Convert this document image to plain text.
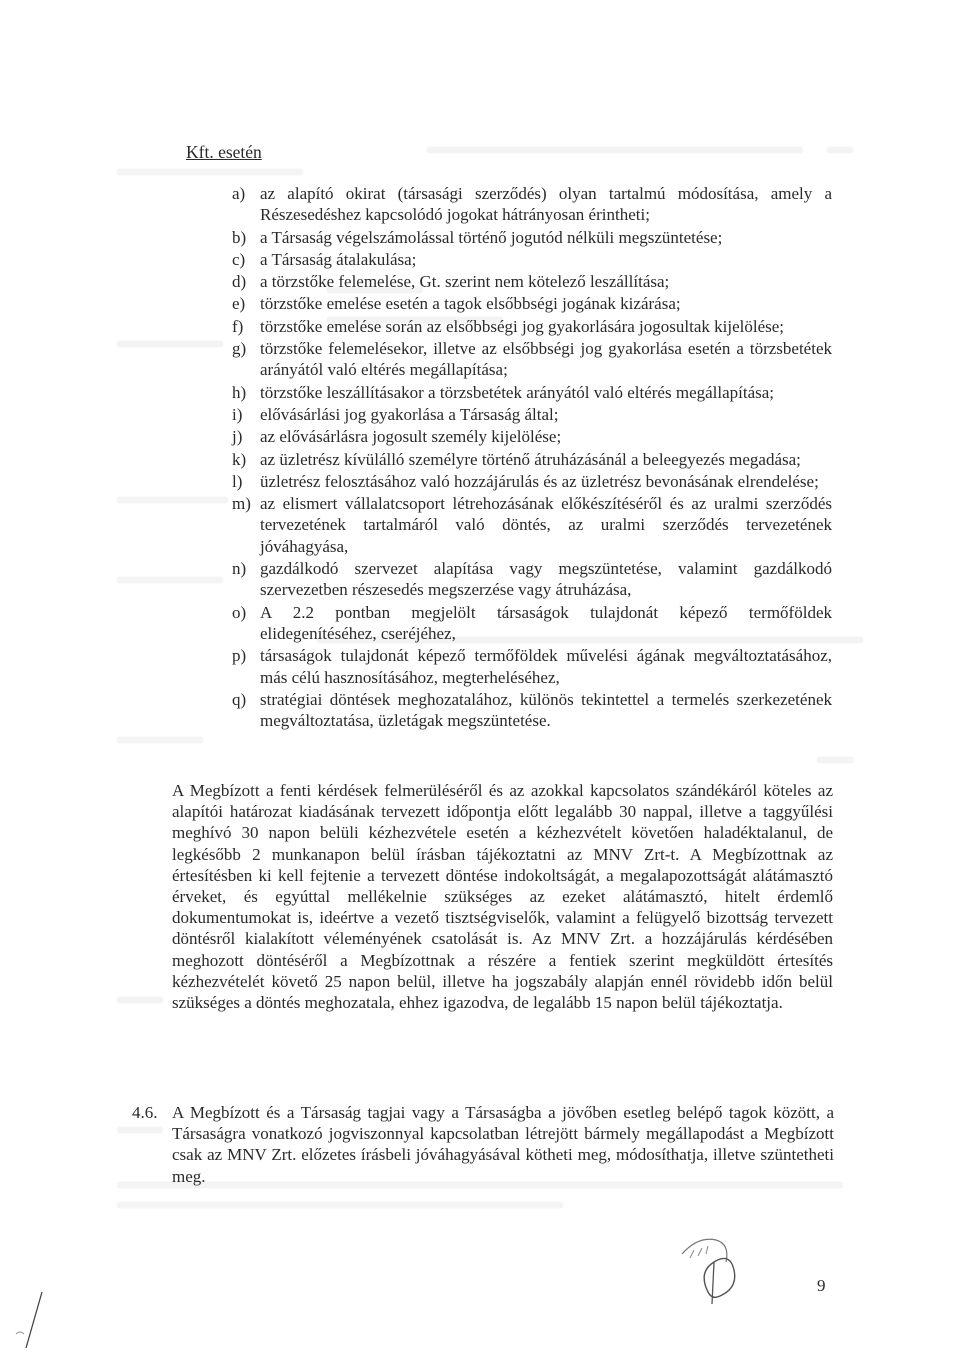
Kft. esetén
a) az alapító okirat (társasági szerződés) olyan tartalmú módosítása, amely a Részesedéshez kapcsolódó jogokat hátrányosan érintheti;
b) a Társaság végelszámolással történő jogutód nélküli megszüntetése;
c) a Társaság átalakulása;
d) a törzstőke felemelése, Gt. szerint nem kötelező leszállítása;
e) törzstőke emelése esetén a tagok elsőbbségi jogának kizárása;
f) törzstőke emelése során az elsőbbségi jog gyakorlására jogosultak kijelölése;
g) törzstőke felemelésekor, illetve az elsőbbségi jog gyakorlása esetén a törzsbetétek arányától való eltérés megállapítása;
h) törzstőke leszállításakor a törzsbetétek arányától való eltérés megállapítása;
i)	elővásárlási jog gyakorlása a Társaság által;
j)	az elővásárlásra jogosult személy kijelölése;
k) az üzletrész kívülálló személyre történő átruházásánál a beleegyezés megadása;
l)	üzletrész felosztásához való hozzájárulás és az üzletrész bevonásának elrendelése;
m) az elismert vállalatcsoport létrehozásának előkészítéséről és az uralmi szerződés tervezetének tartalmáról való döntés, az uralmi szerződés tervezetének jóváhagyása,
n) gazdálkodó szervezet alapítása vagy megszüntetése, valamint gazdálkodó szervezetben részesedés megszerzése vagy átruházása,
o) A 2.2 pontban megjelölt társaságok tulajdonát képező termőföldek elidegenítéséhez, cseréjéhez,
p) társaságok tulajdonát képező termőföldek művelési ágának megváltoztatásához, más célú hasznosításához, megterheléséhez,
q) stratégiai döntések meghozatalához, különös tekintettel a termelés szerkezetének megváltoztatása, üzletágak megszüntetése.

A Megbízott a fenti kérdések felmerüléséről és az azokkal kapcsolatos szándékáról köteles az alapítói határozat kiadásának tervezett időpontja előtt legalább 30 nappal, illetve a taggyűlési meghívó 30 napon belüli kézhezvétele esetén a kézhezvételt követően haladéktalanul, de legkésőbb 2 munkanapon belül írásban tájékoztatni az MNV Zrt-t. A Megbízottnak az értesítésben ki kell fejtenie a tervezett döntése indokoltságát, a megalapozottságát alátámasztó érveket, és egyúttal mellékelnie szükséges az ezeket alátámasztó, hitelt érdemlő dokumentumokat is, ideértve a vezető tisztségviselők, valamint a felügyelő bizottság tervezett döntésről kialakított véleményének csatolását is. Az MNV Zrt. a hozzájárulás kérdésében meghozott döntéséről a Megbízottnak a részére a fentiek szerint megküldött értesítés kézhezvételét követő 25 napon belül, illetve ha jogszabály alapján ennél rövidebb időn belül szükséges a döntés meghozatala, ehhez igazodva, de legalább 15 napon belül tájékoztatja.

4.6. A Megbízott és a Társaság tagjai vagy a Társaságba a jövőben esetleg belépő tagok között, a Társaságra vonatkozó jogviszonnyal kapcsolatban létrejött bármely megállapodást a Megbízott csak az MNV Zrt. előzetes írásbeli jóváhagyásával kötheti meg, módosíthatja, illetve szüntetheti meg.
9
